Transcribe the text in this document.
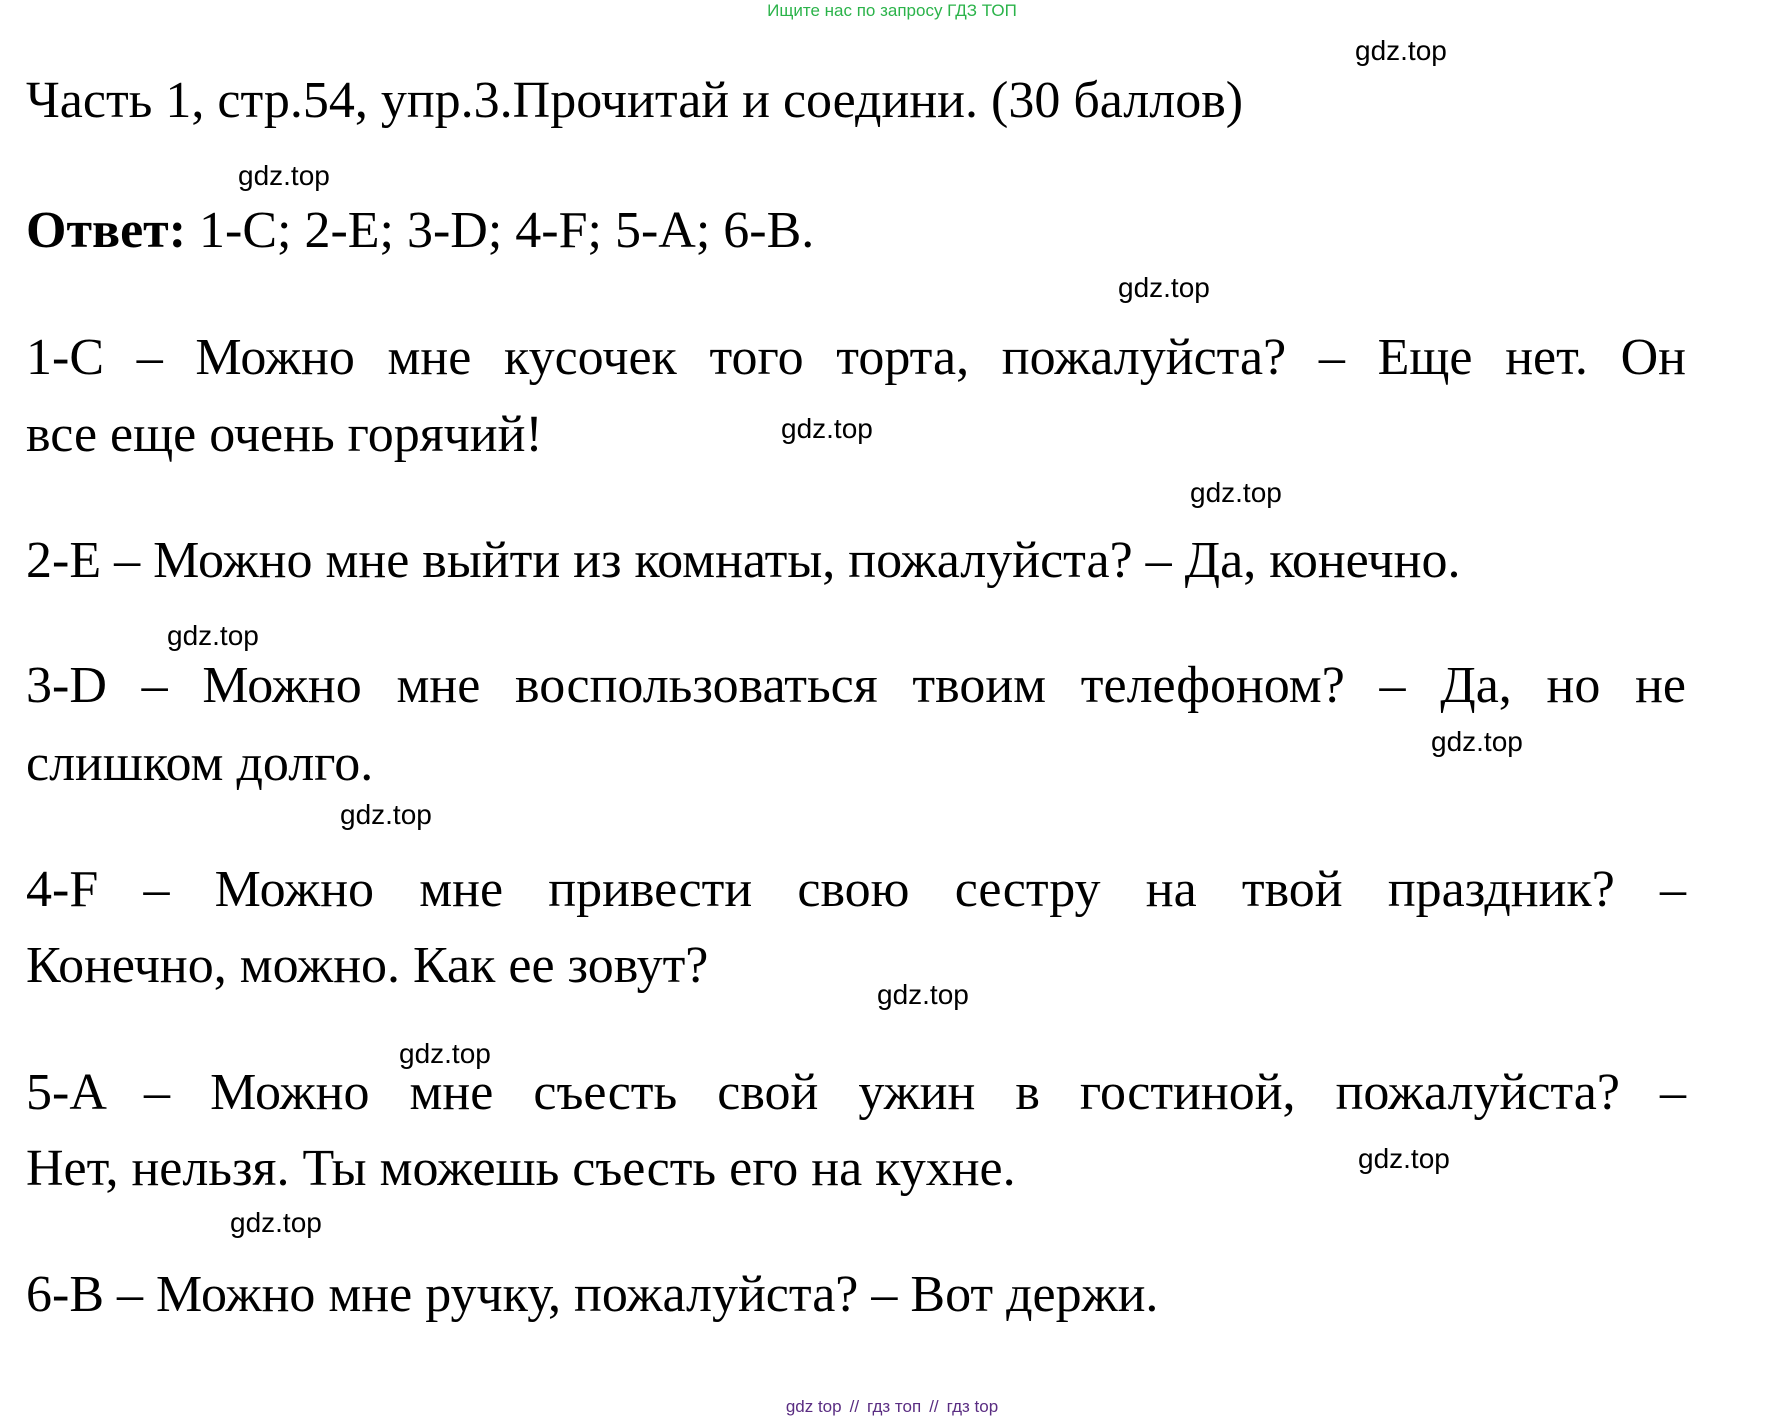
Ищите нас по запросу ГДЗ ТОП
Часть 1, стр.54, упр.3.Прочитай и соедини. (30 баллов)
Ответ: 1-C; 2-E; 3-D; 4-F; 5-A; 6-B.
1-C – Можно мне кусочек того торта, пожалуйста? – Еще нет. Он
все еще очень горячий!
2-E – Можно мне выйти из комнаты, пожалуйста? – Да, конечно.
3-D – Можно мне воспользоваться твоим телефоном? – Да, но не
слишком долго.
4-F – Можно мне привести свою сестру на твой праздник? –
Конечно, можно. Как ее зовут?
5-A – Можно мне съесть свой ужин в гостиной, пожалуйста? –
Нет, нельзя. Ты можешь съесть его на кухне.
6-B – Можно мне ручку, пожалуйста? – Вот держи.
gdz.top
gdz.top
gdz.top
gdz.top
gdz.top
gdz.top
gdz.top
gdz.top
gdz.top
gdz.top
gdz.top
gdz.top
gdz top // гдз топ // гдз top
